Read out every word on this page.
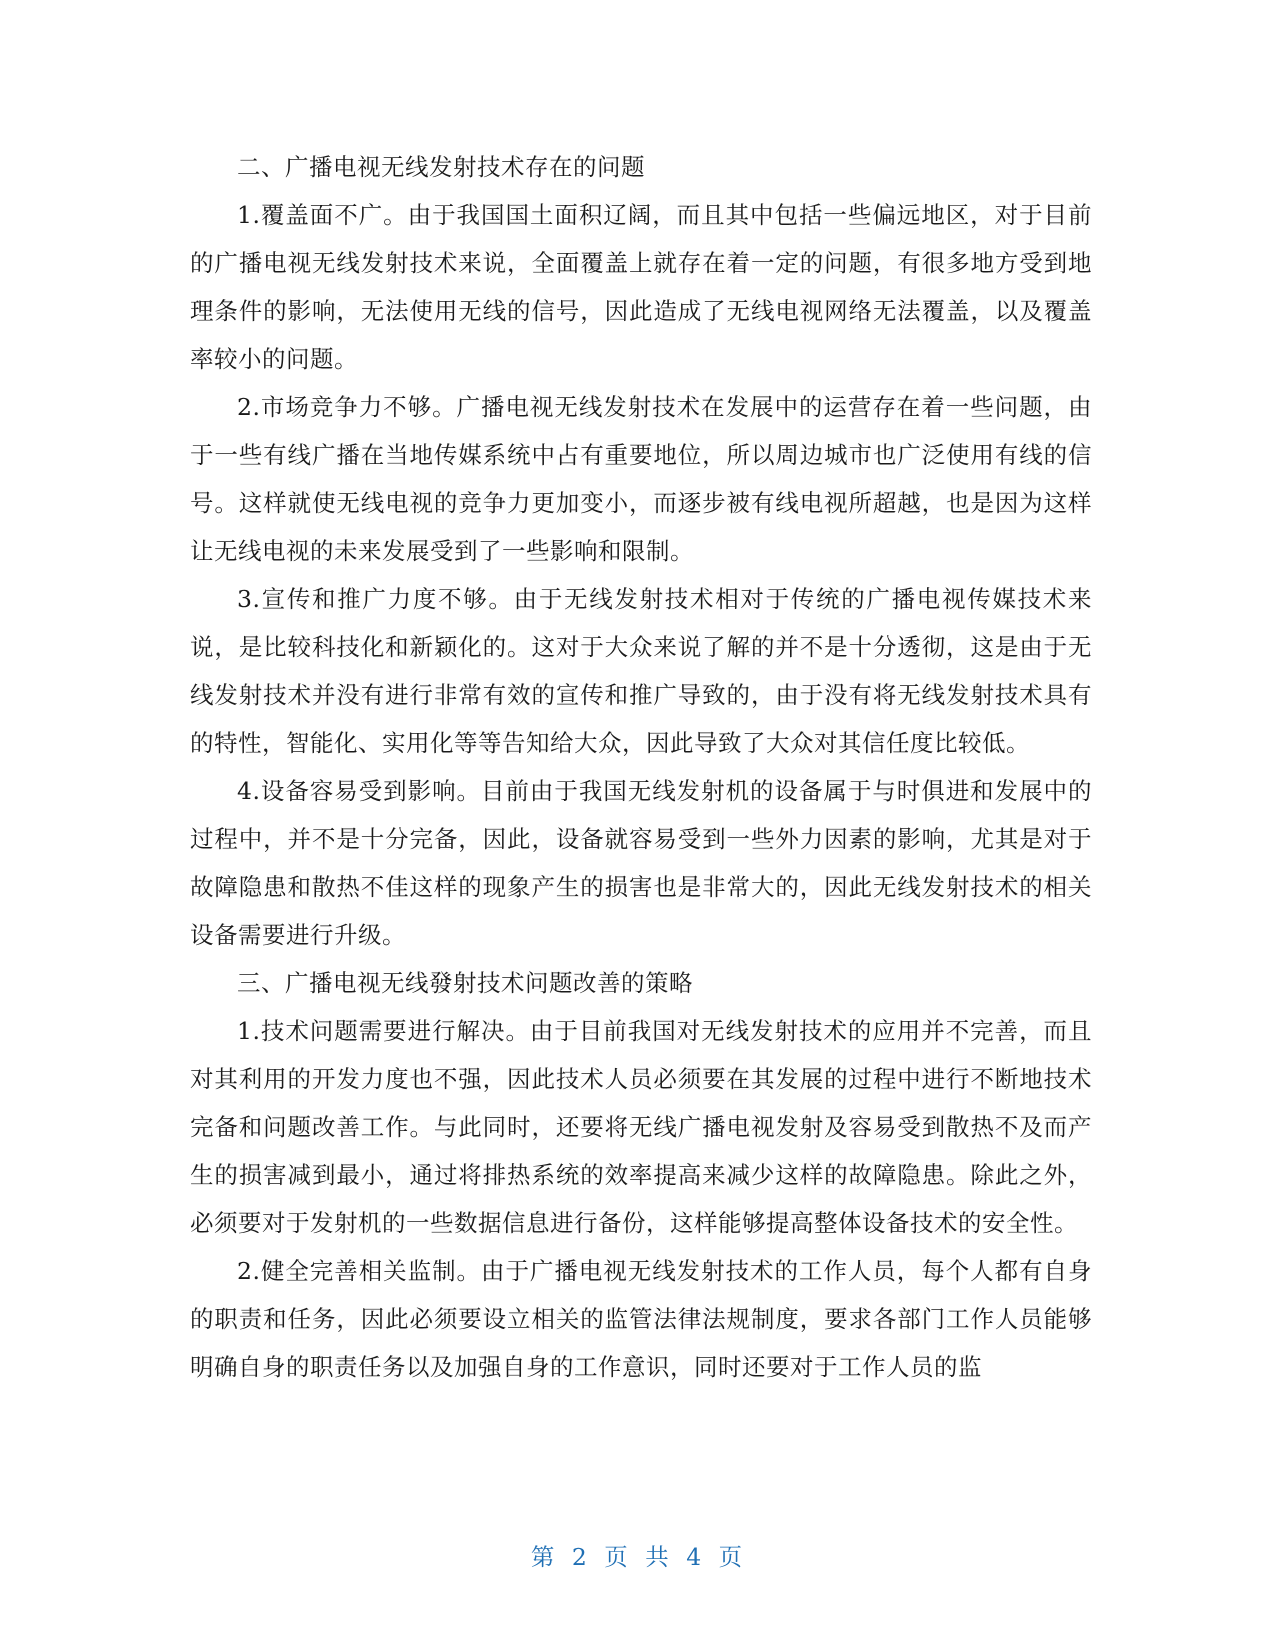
二、广播电视无线发射技术存在的问题

1.覆盖面不广。由于我国国土面积辽阔，而且其中包括一些偏远地区，对于目前的广播电视无线发射技术来说，全面覆盖上就存在着一定的问题，有很多地方受到地理条件的影响，无法使用无线的信号，因此造成了无线电视网络无法覆盖，以及覆盖率较小的问题。

2.市场竞争力不够。广播电视无线发射技术在发展中的运营存在着一些问题，由于一些有线广播在当地传媒系统中占有重要地位，所以周边城市也广泛使用有线的信号。这样就使无线电视的竞争力更加变小，而逐步被有线电视所超越，也是因为这样让无线电视的未来发展受到了一些影响和限制。

3.宣传和推广力度不够。由于无线发射技术相对于传统的广播电视传媒技术来说，是比较科技化和新颖化的。这对于大众来说了解的并不是十分透彻，这是由于无线发射技术并没有进行非常有效的宣传和推广导致的，由于没有将无线发射技术具有的特性，智能化、实用化等等告知给大众，因此导致了大众对其信任度比较低。

4.设备容易受到影响。目前由于我国无线发射机的设备属于与时俱进和发展中的过程中，并不是十分完备，因此，设备就容易受到一些外力因素的影响，尤其是对于故障隐患和散热不佳这样的现象产生的损害也是非常大的，因此无线发射技术的相关设备需要进行升级。

三、广播电视无线發射技术问题改善的策略

1.技术问题需要进行解决。由于目前我国对无线发射技术的应用并不完善，而且对其利用的开发力度也不强，因此技术人员必须要在其发展的过程中进行不断地技术完备和问题改善工作。与此同时，还要将无线广播电视发射及容易受到散热不及而产生的损害减到最小，通过将排热系统的效率提高来减少这样的故障隐患。除此之外，必须要对于发射机的一些数据信息进行备份，这样能够提高整体设备技术的安全性。

2.健全完善相关监制。由于广播电视无线发射技术的工作人员，每个人都有自身的职责和任务，因此必须要设立相关的监管法律法规制度，要求各部门工作人员能够明确自身的职责任务以及加强自身的工作意识，同时还要对于工作人员的监

第 2 页 共 4 页
